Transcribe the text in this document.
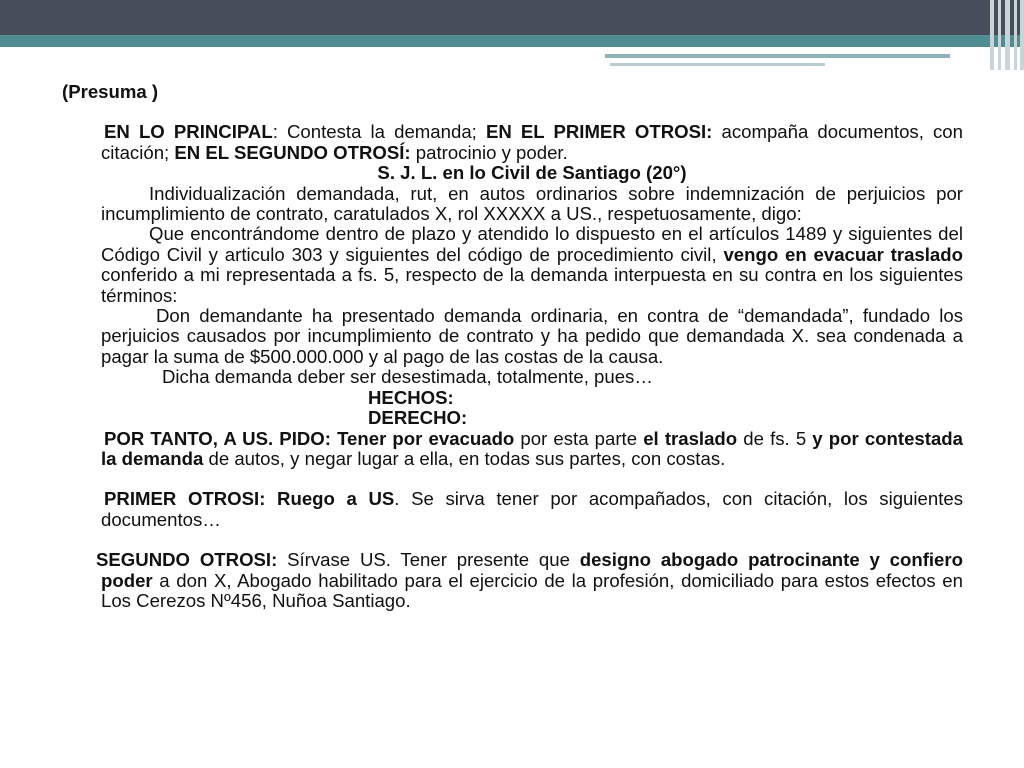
(Presuma )

EN LO PRINCIPAL: Contesta la demanda; EN EL PRIMER OTROSI: acompaña documentos, con citación; EN EL SEGUNDO OTROSÍ: patrocinio y poder.

S. J. L. en lo Civil de Santiago (20°)

Individualización demandada, rut, en autos ordinarios sobre indemnización de perjuicios por incumplimiento de contrato, caratulados X, rol XXXXX a US., respetuosamente, digo:

Que encontrándome dentro de plazo y atendido lo dispuesto en el artículos 1489 y siguientes del Código Civil y articulo 303 y siguientes del código de procedimiento civil, vengo en evacuar traslado conferido a mi representada a fs. 5, respecto de la demanda interpuesta en su contra en los siguientes términos:

Don demandante ha presentado demanda ordinaria, en contra de “demandada”, fundado los perjuicios causados por incumplimiento de contrato y ha pedido que demandada X. sea condenada a pagar la suma de $500.000.000 y al pago de las costas de la causa.

Dicha demanda deber ser desestimada, totalmente, pues…

HECHOS:

DERECHO:

POR TANTO, A US. PIDO: Tener por evacuado por esta parte el traslado de fs. 5 y por contestada la demanda de autos, y negar lugar a ella, en todas sus partes, con costas.

PRIMER OTROSI: Ruego a US. Se sirva tener por acompañados, con citación, los siguientes documentos…

SEGUNDO OTROSI: Sírvase US. Tener presente que designo abogado patrocinante y confiero poder a don X, Abogado habilitado para el ejercicio de la profesión, domiciliado para estos efectos en Los Cerezos Nº456, Nuñoa Santiago.
